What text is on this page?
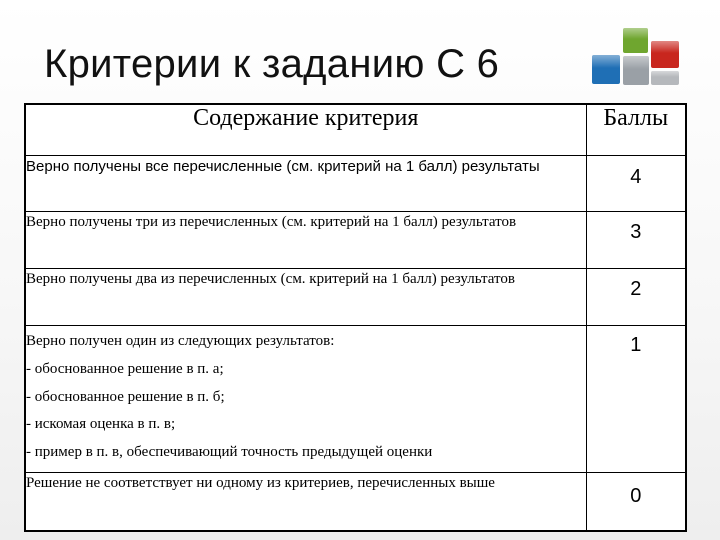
Критерии к заданию С 6
Содержание критерия	Баллы

Верно получены все перечисленные (см. критерий на 1 балл) результаты	4

Верно получены три из перечисленных (см. критерий на 1 балл) результатов	3

Верно получены два из перечисленных (см. критерий на 1 балл) результатов	2

Верно получен один из следующих результатов:
- обоснованное решение в п. а;
- обоснованное решение в п. б;
- искомая оценка в п. в;
- пример в п. в, обеспечивающий точность предыдущей оценки	1

Решение не соответствует ни одному из критериев, перечисленных выше	0
